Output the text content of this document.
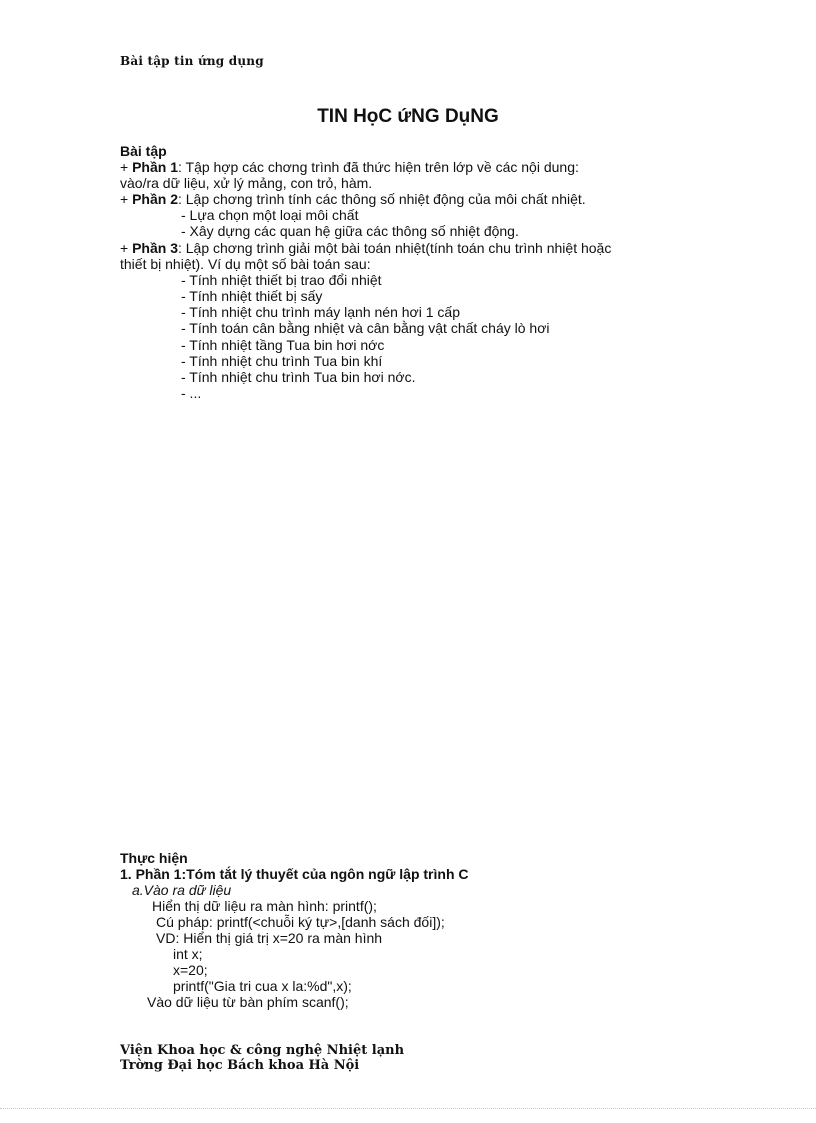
Bài tập tin ứng dụng
TIN HọC ứNG DụNG
Bài tập
+ Phần 1: Tập hợp các chơng trình đã thức hiện trên lớp về các nội dung:
vào/ra dữ liệu, xử lý mảng, con trỏ, hàm.
+ Phần 2: Lập chơng trình tính các thông số nhiệt động của môi chất nhiệt.
- Lựa chọn một loại môi chất
- Xây dựng các quan hệ giữa các thông số nhiệt động.
+ Phần 3: Lập chơng trình giải một bài toán nhiệt(tính toán chu trình nhiệt hoặc
thiết bị nhiệt). Ví dụ một số bài toán sau:
- Tính nhiệt thiết bị trao đổi nhiệt
- Tính nhiệt thiết bị sấy
- Tính nhiệt chu trình máy lạnh nén hơi 1 cấp
- Tính toán cân bằng nhiệt và cân bằng vật chất cháy lò hơi
- Tính nhiệt tầng Tua bin hơi nớc
- Tính nhiệt chu trình Tua bin khí
- Tính nhiệt chu trình Tua bin hơi nớc.
- ...
Thực hiện
1. Phần 1:Tóm tắt lý thuyết của ngôn ngữ lập trình C
a.Vào ra dữ liệu
Hiển thị dữ liệu ra màn hình: printf();
Cú pháp: printf(<chuỗi ký tự>,[danh sách đối]);
VD: Hiển thị giá trị x=20 ra màn hình
int x;
x=20;
printf("Gia tri cua x la:%d",x);
Vào dữ liệu từ bàn phím scanf();
Viện Khoa học & công nghệ Nhiệt lạnh
Trờng Đại học Bách khoa Hà Nội
